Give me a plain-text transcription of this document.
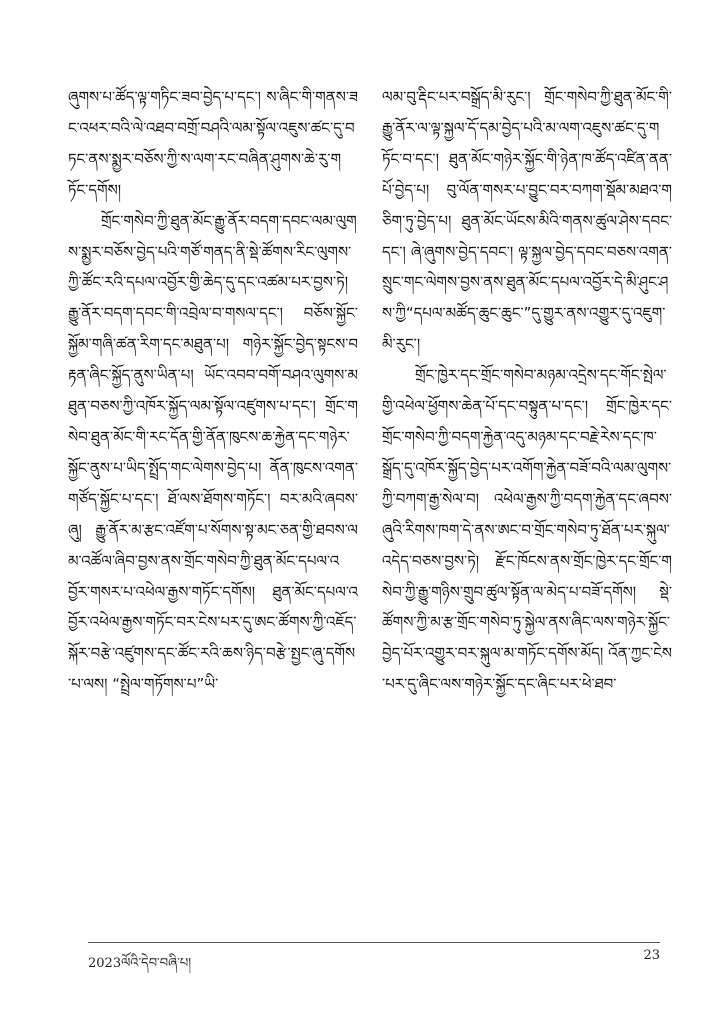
ཞུགས་པ་ཚོད་ལྟ་གཏིང་ཟབ་བྱེད་པ་དང་། ས་ཞིང་གི་གནས་ཟང་འཕར་བའི་ལེ་འཐབ་བགྲོ་བཤའི་ལམ་སྟོལ་འཇུས་ཚང་དུ་བཏང་ནས་སྨྱར་བཅོས་ཀྱི་ས་ལག་རང་བཞིན་ཤུགས་ཆེ་རུ་གཏོང་དགོས།

གྲོང་གསེབ་ཀྱི་ཐུན་མོང་རྒྱུ་ནོར་བདག་དབང་ལམ་ལུགས་སྨྱར་བཅོས་བྱེད་པའི་གཙོ་གནད་ནི་སྡེ་ཚོགས་རིང་ལུགས་ཀྱི་ཚོང་རའི་དཔལ་འབྱོར་གྱི་ཆེད་དུ་དང་འཚམ་པར་བྱས་ཏེ། རྒྱུ་ནོར་བདག་དབང་གི་འབྲེལ་བ་གསལ་དང་། བཅོས་སྐྱོང་སྐྱོམ་གཞི་ཚན་རིག་དང་མཐུན་པ། གཉེར་སྐྱོང་བྱེད་སྟངས་བརྟན་ཞིང་སྐྱོད་ནུས་ཡིན་པ། ཡོང་འབབ་བགོ་བཤའ་ལུགས་མཐུན་བཅས་ཀྱི་འཁོར་སྐྱོད་ལམ་སྟོལ་འཛུགས་པ་དང་། གྲོང་གསེབ་ཐུན་མོང་གི་རང་དོན་གྱི་ནོན་ཁུངས་ཆ་རྐྱེན་དང་གཉེར་སྐྱོང་ནུས་པ་ཡིད་སྤྲོད་གང་ལེགས་བྱེད་པ། ནོན་ཁུངས་འགན་གཙོད་སྐྱོང་པ་དང་། ཐོ་ལས་ཐོགས་གཏོང་། བར་མའི་ཞབས་ཞུ། རྒྱུ་ནོར་མ་རྩང་འཛོག་པ་སོགས་སྟ་མང་ཅན་གྱི་ཐབས་ལམ་འཚོལ་ཞིབ་བྱས་ནས་གྲོང་གསེབ་ཀྱི་ཐུན་མོང་དཔལ་འབྱོར་གསར་པ་འཕེལ་རྒྱས་གཏོང་དགོས། ཐུན་མོང་དཔལ་འབྱོར་འཕེལ་རྒྱས་གཏོང་བར་ངེས་པར་དུ་ཨང་ཚོགས་ཀྱི་འཇོད་སྐོར་བརྩེ་འཛུགས་དང་ཚོང་རའི་ཆས་ཉིད་བརྩེ་སྤྱང་ཞུ་དགོས་པ་ལས། “སྤྲེལ་གཏོགས་པ”ཡི་

ལམ་བུ་རྡིང་པར་བསྒྲོད་མི་རུང་། གྲོང་གསེབ་ཀྱི་ཐུན་མོང་གི་རྒྱུ་ནོར་ལ་ལྟ་སྐྱལ་དོ་དམ་བྱེད་པའི་མ་ལག་འཇུས་ཚང་དུ་གཏོང་བ་དང་། ཐུན་མོང་གཉེར་སྐྱོང་གི་ཉེན་ཁ་ཚོད་འཛིན་ནན་པོ་བྱེད་པ། བུ་ལོན་གསར་པ་བྱུང་བར་བཀག་སྡོམ་མཐའ་གཅིག་ཏུ་བྱེད་པ། ཐུན་མོང་ཡོངས་མིའི་གནས་ཚུལ་ཤེས་དབང་དང་། ཞེ་ཞུགས་བྱེད་དབང་། ལྟ་སྐྱལ་བྱེད་དབང་བཅས་འགན་སྲུང་གང་ལེགས་བྱས་ནས་ཐུན་མོང་དཔལ་འབྱོར་དེ་མི་ཤུང་ཤས་ཀྱི“དཔལ་མཚོད་ཆུང་ཆུང་”དུ་གྱུར་ནས་འགྱུར་དུ་འཇུག་མི་རུང་།

གྲོང་ཁྱེར་དང་གྲོང་གསེབ་མཉམ་འདྲེས་དང་གོང་སྤེལ་གྱི་འཕེལ་ཕྱོགས་ཆེན་པོ་དང་བསྟུན་པ་དང་། གྲོང་ཁྱེར་དང་གྲོང་གསེབ་ཀྱི་བདག་རྐྱེན་འདུ་མཉམ་དང་བརྗེ་རེས་དང་ཁ་སྒྲོད་དུ་འཁོར་སྐྱོད་བྱེད་པར་འགོག་རྐྱེན་བཟོ་བའི་ལམ་ལུགས་ཀྱི་བཀག་རྒྱ་སེལ་བ། འཕེལ་རྒྱས་ཀྱི་བདག་རྐྱེན་དང་ཞབས་ཞུའི་རིགས་ཁག་དེ་ནས་ཨང་བ་གྲོང་གསེབ་ཏུ་ཐོན་པར་སྐུལ་འདེད་བཅས་བྱས་ཏེ། རྫོང་ཁོངས་ནས་གྲོང་ཁྱེར་དང་གྲོང་གསེབ་ཀྱི་རྒྱུ་གཉིས་གྲུབ་ཚུལ་སྟོན་ལ་མེད་པ་བཟོ་དགོས། སྡེ་ཚོགས་ཀྱི་མ་རྩ་གྲོང་གསེབ་ཏུ་སྐྱེལ་ནས་ཞིང་ལས་གཉེར་སྐྱོང་བྱེད་པོར་འགྱུར་བར་སྐུལ་མ་གཏོང་དགོས་མོད། འོན་ཀྱང་ངེས་པར་དུ་ཞིང་ལས་གཉེར་སྐྱོང་དང་ཞིང་པར་ཕེ་ཐབ་

2023ལོའི་དེབ་བཞི་པ།
23
